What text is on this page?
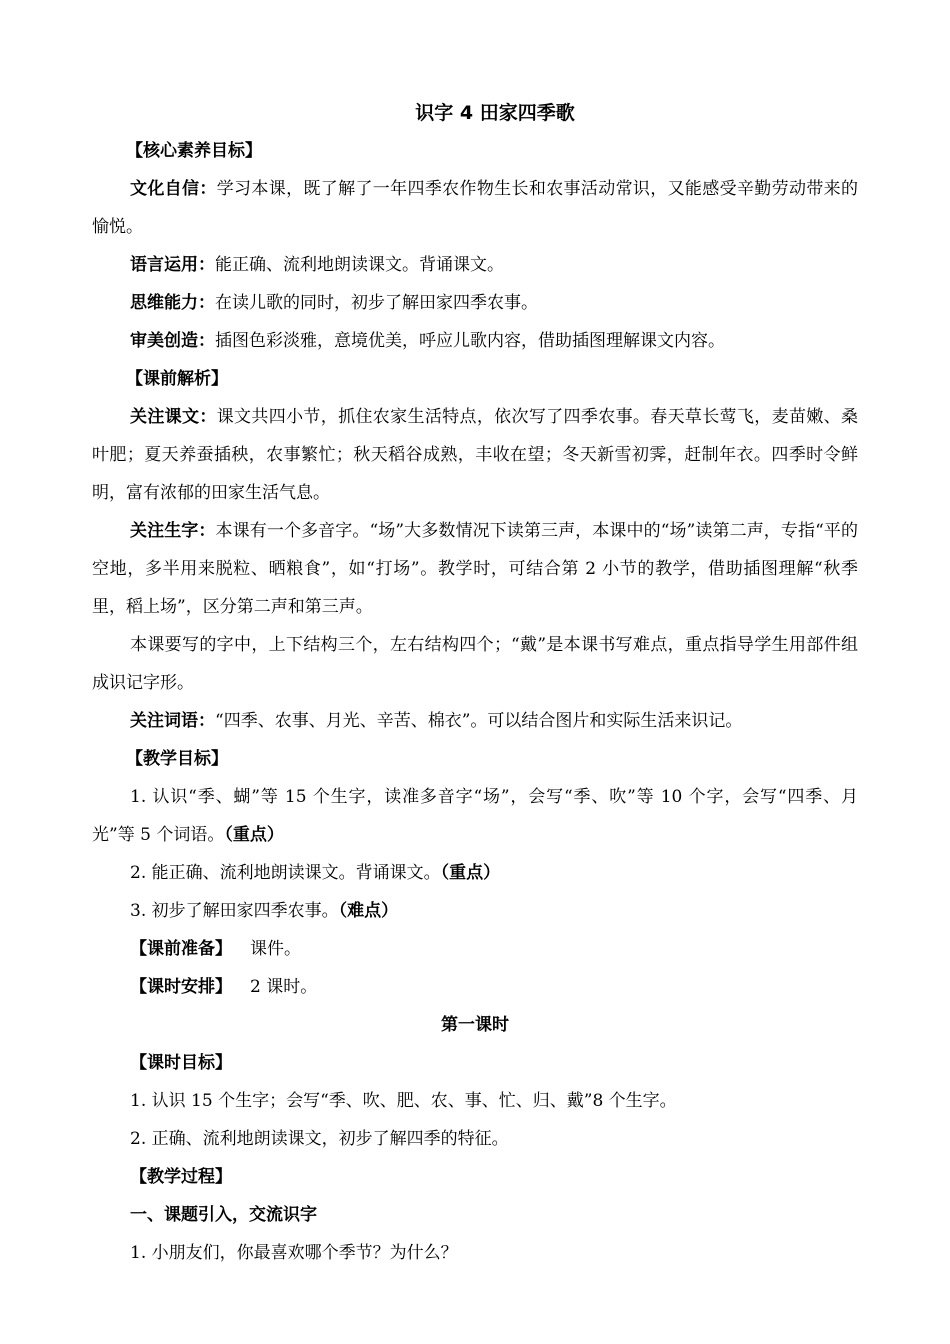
识字 4 田家四季歌
【核心素养目标】
文化自信：学习本课，既了解了一年四季农作物生长和农事活动常识，又能感受辛勤劳动带来的愉悦。
语言运用：能正确、流利地朗读课文。背诵课文。
思维能力：在读儿歌的同时，初步了解田家四季农事。
审美创造：插图色彩淡雅，意境优美，呼应儿歌内容，借助插图理解课文内容。
【课前解析】
关注课文：课文共四小节，抓住农家生活特点，依次写了四季农事。春天草长莺飞，麦苗嫩、桑叶肥；夏天养蚕插秧，农事繁忙；秋天稻谷成熟，丰收在望；冬天新雪初霁，赶制年衣。四季时令鲜明，富有浓郁的田家生活气息。
关注生字：本课有一个多音字。“场”大多数情况下读第三声，本课中的“场”读第二声，专指“平的空地，多半用来脱粒、晒粮食”，如“打场”。教学时，可结合第 2 小节的教学，借助插图理解“秋季里，稻上场”，区分第二声和第三声。
本课要写的字中，上下结构三个，左右结构四个；“戴”是本课书写难点，重点指导学生用部件组成识记字形。
关注词语：“四季、农事、月光、辛苦、棉衣”。可以结合图片和实际生活来识记。
【教学目标】
1. 认识“季、蝴”等 15 个生字，读准多音字“场”，会写“季、吹”等 10 个字，会写“四季、月光”等 5 个词语。（重点）
2. 能正确、流利地朗读课文。背诵课文。（重点）
3. 初步了解田家四季农事。（难点）
【课前准备】 课件。
【课时安排】 2 课时。
第一课时
【课时目标】
1. 认识 15 个生字；会写“季、吹、肥、农、事、忙、归、戴”8 个生字。
2. 正确、流利地朗读课文，初步了解四季的特征。
【教学过程】
一、课题引入，交流识字
1. 小朋友们，你最喜欢哪个季节？为什么？
